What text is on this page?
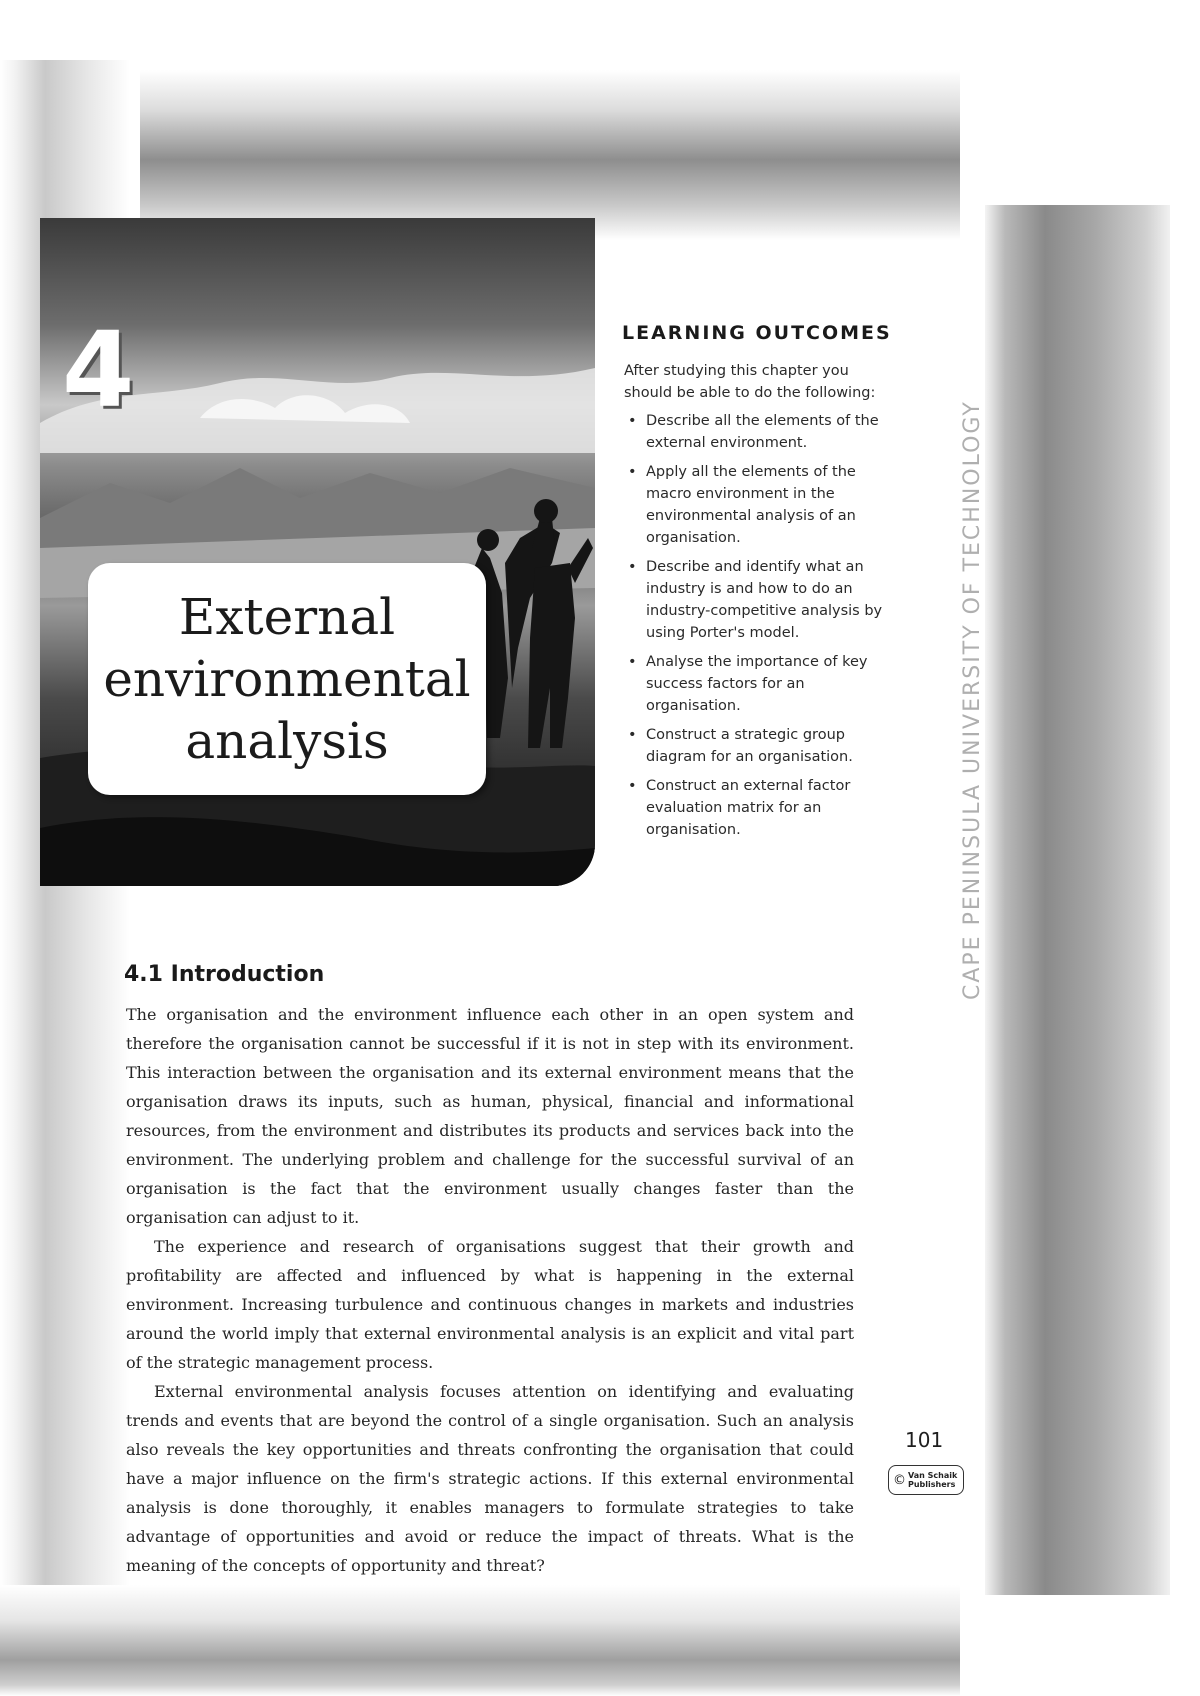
CAPE PENINSULA UNIVERSITY OF TECHNOLOGY
4
External
environmental
analysis
LEARNING OUTCOMES
After studying this chapter you should be able to do the following:
• Describe all the elements of the external environment.
• Apply all the elements of the macro environment in the environmental analysis of an organisation.
• Describe and identify what an industry is and how to do an industry-competitive analysis by using Porter's model.
• Analyse the importance of key success factors for an organisation.
• Construct a strategic group diagram for an organisation.
• Construct an external factor evaluation matrix for an organisation.
4.1 Introduction

The organisation and the environment influence each other in an open system and therefore the organisation cannot be successful if it is not in step with its environment. This interaction between the organisation and its external environment means that the organisation draws its inputs, such as human, physical, financial and informational resources, from the environment and distributes its products and services back into the environment. The underlying problem and challenge for the successful survival of an organisation is the fact that the environment usually changes faster than the organisation can adjust to it.

The experience and research of organisations suggest that their growth and profitability are affected and influenced by what is happening in the external environment. Increasing turbulence and continuous changes in markets and industries around the world imply that external environmental analysis is an explicit and vital part of the strategic management process.

External environmental analysis focuses attention on identifying and evaluating trends and events that are beyond the control of a single organisation. Such an analysis also reveals the key opportunities and threats confronting the organisation that could have a major influence on the firm's strategic actions. If this external environmental analysis is done thoroughly, it enables managers to formulate strategies to take advantage of opportunities and avoid or reduce the impact of threats. What is the meaning of the concepts of opportunity and threat?

101
© Van Schaik Publishers
